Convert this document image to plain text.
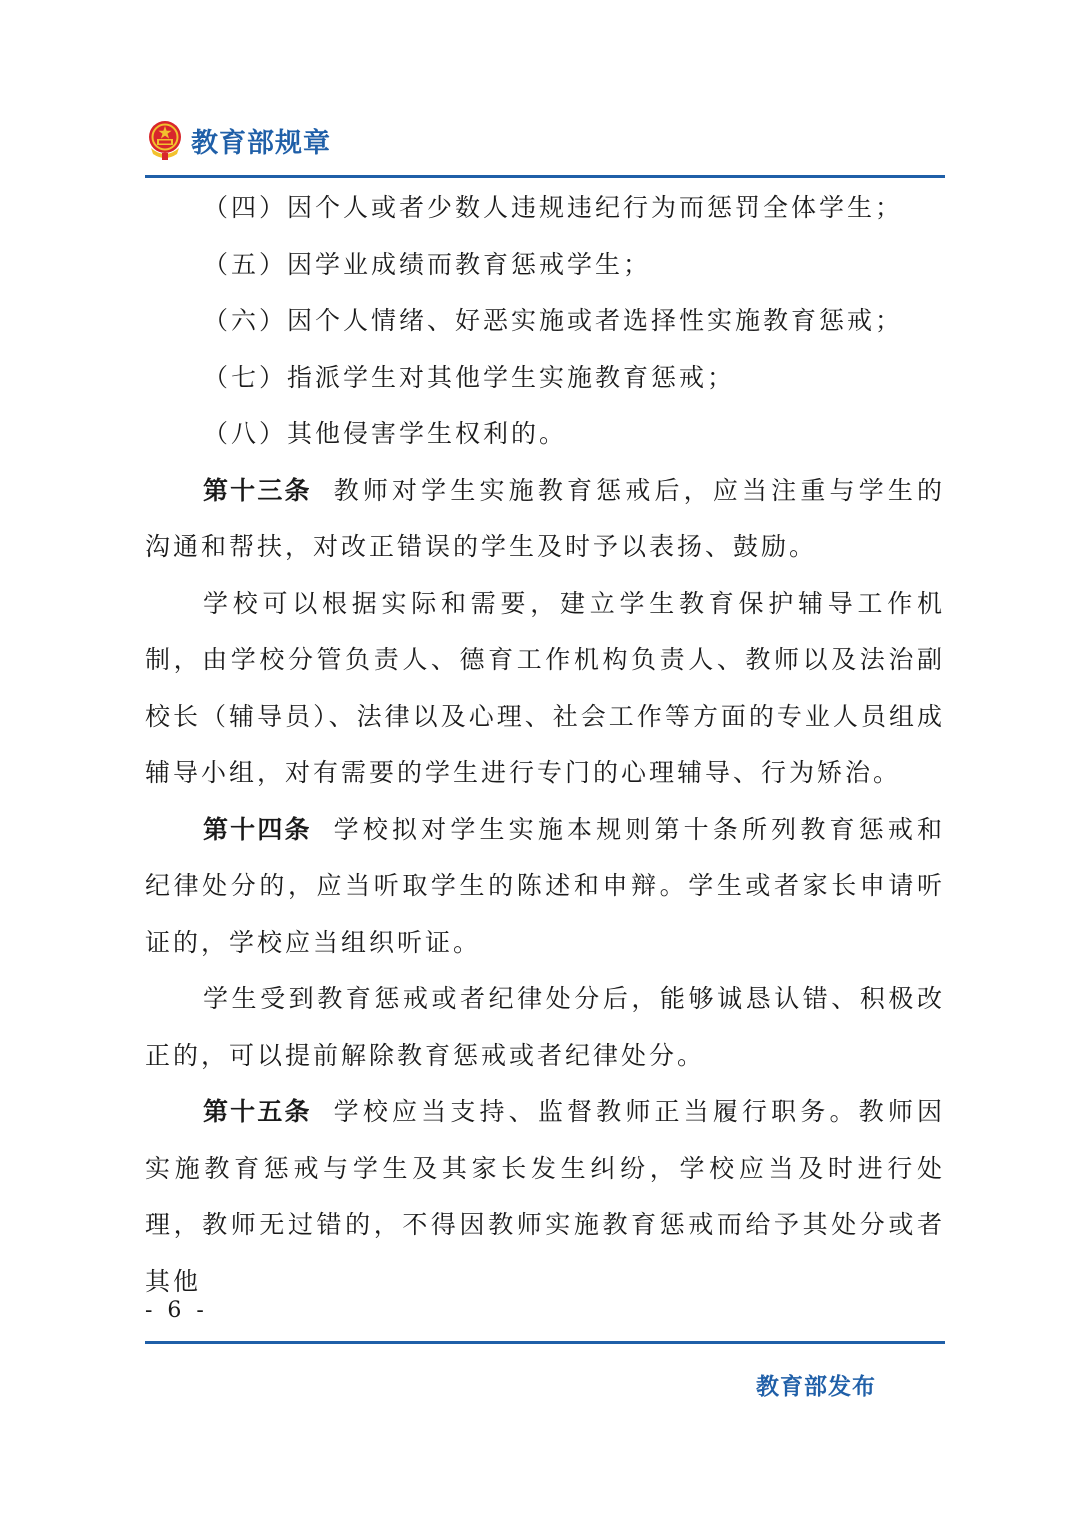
教育部规章

（四）因个人或者少数人违规违纪行为而惩罚全体学生；

（五）因学业成绩而教育惩戒学生；

（六）因个人情绪、好恶实施或者选择性实施教育惩戒；

（七）指派学生对其他学生实施教育惩戒；

（八）其他侵害学生权利的。

第十三条 教师对学生实施教育惩戒后，应当注重与学生的沟通和帮扶，对改正错误的学生及时予以表扬、鼓励。

学校可以根据实际和需要，建立学生教育保护辅导工作机制，由学校分管负责人、德育工作机构负责人、教师以及法治副校长（辅导员）、法律以及心理、社会工作等方面的专业人员组成辅导小组，对有需要的学生进行专门的心理辅导、行为矫治。

第十四条 学校拟对学生实施本规则第十条所列教育惩戒和纪律处分的，应当听取学生的陈述和申辩。学生或者家长申请听证的，学校应当组织听证。

学生受到教育惩戒或者纪律处分后，能够诚恳认错、积极改正的，可以提前解除教育惩戒或者纪律处分。

第十五条 学校应当支持、监督教师正当履行职务。教师因实施教育惩戒与学生及其家长发生纠纷，学校应当及时进行处理，教师无过错的，不得因教师实施教育惩戒而给予其处分或者其他

- 6 -
教育部发布
